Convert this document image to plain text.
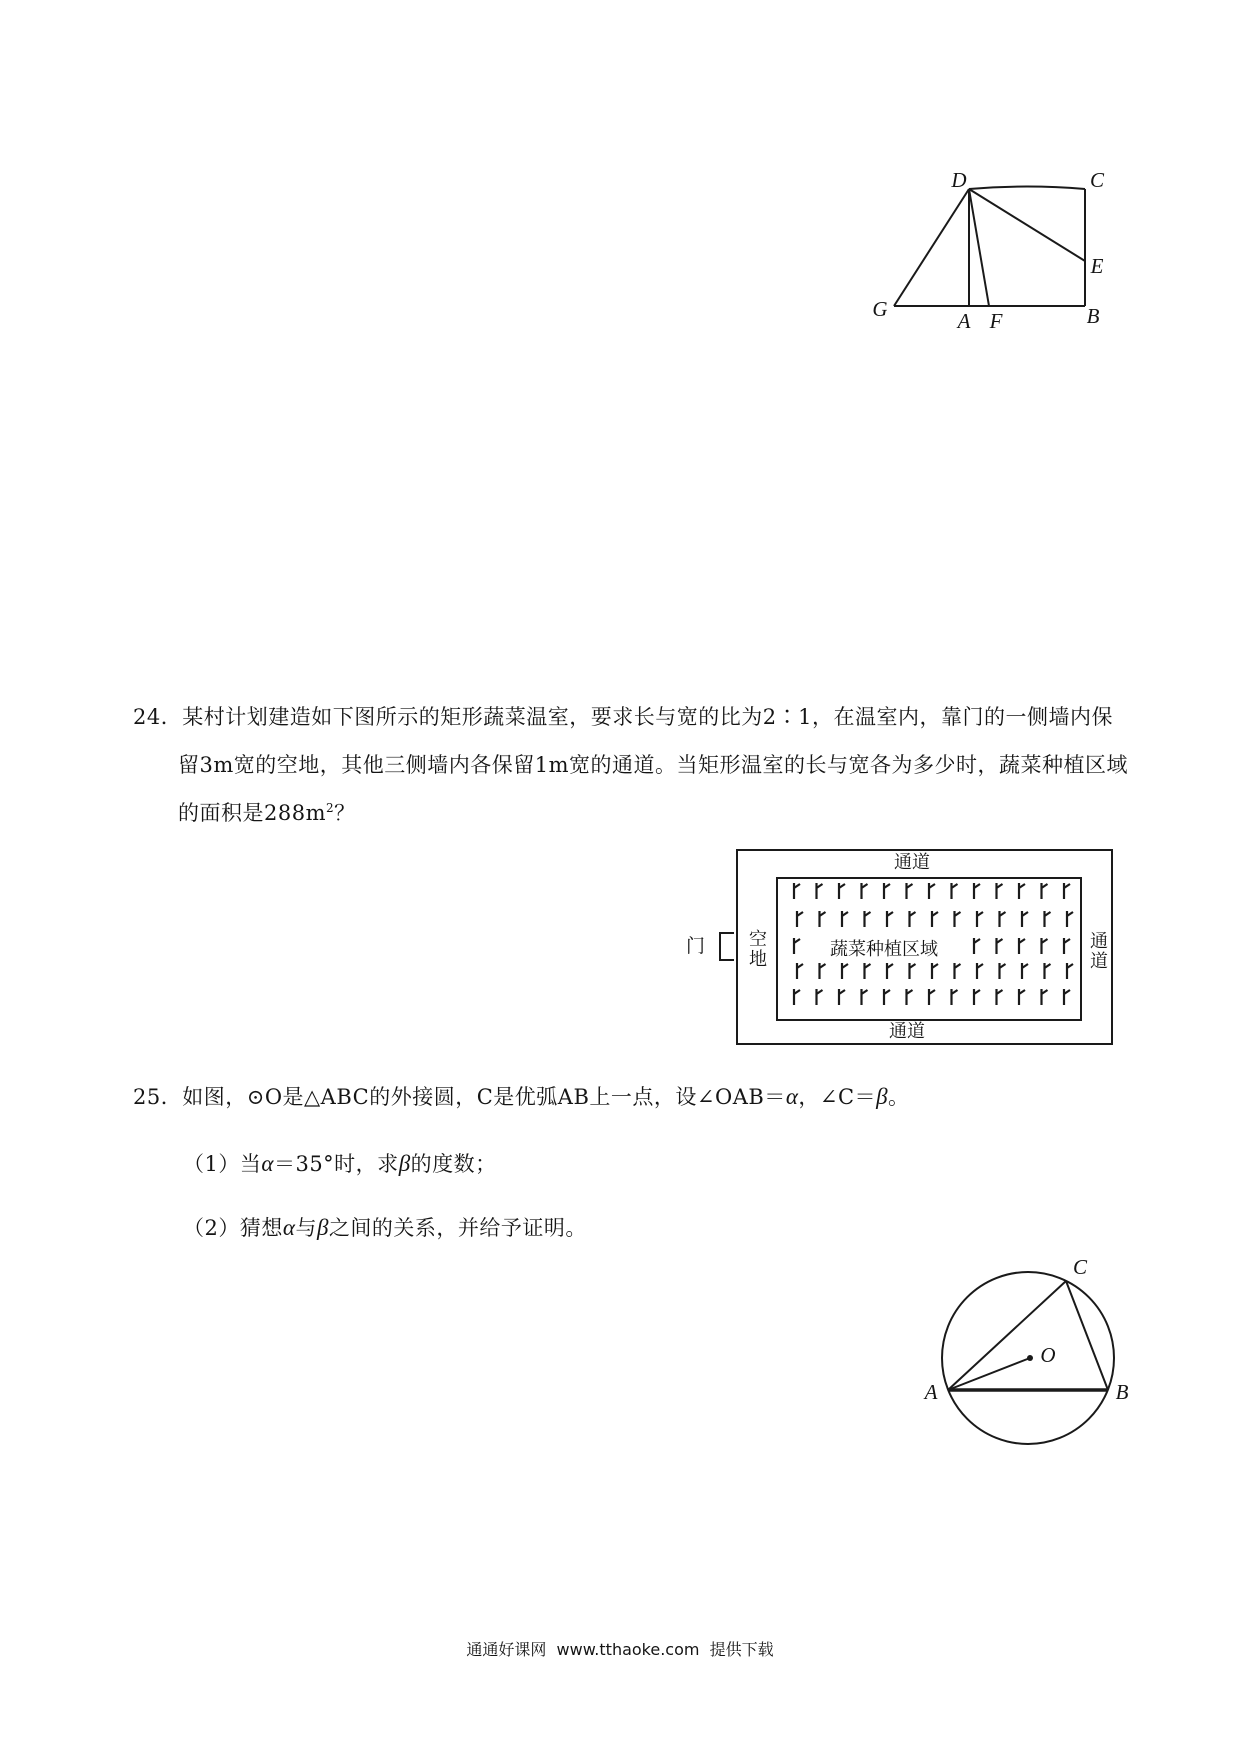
D	C
E
B
F
A
G
24．某村计划建造如下图所示的矩形蔬菜温室，要求长与宽的比为2∶1，在温室内，靠门的一侧墙内保
留3m宽的空地，其他三侧墙内各保留1m宽的通道。当矩形温室的长与宽各为多少时，蔬菜种植区域
的面积是$288m^2$？
门
通道
通道
通道
空地	蔬菜种植区域
25．如图，⊙O是△ABC的外接圆，C是优弧AB上一点，设∠OAB＝α，∠C＝β。
（1）当α＝35°时，求β的度数；
（2）猜想α与β之间的关系，并给予证明。
C
O
A	B
通通好课网  www.tthaoke.com  提供下载
